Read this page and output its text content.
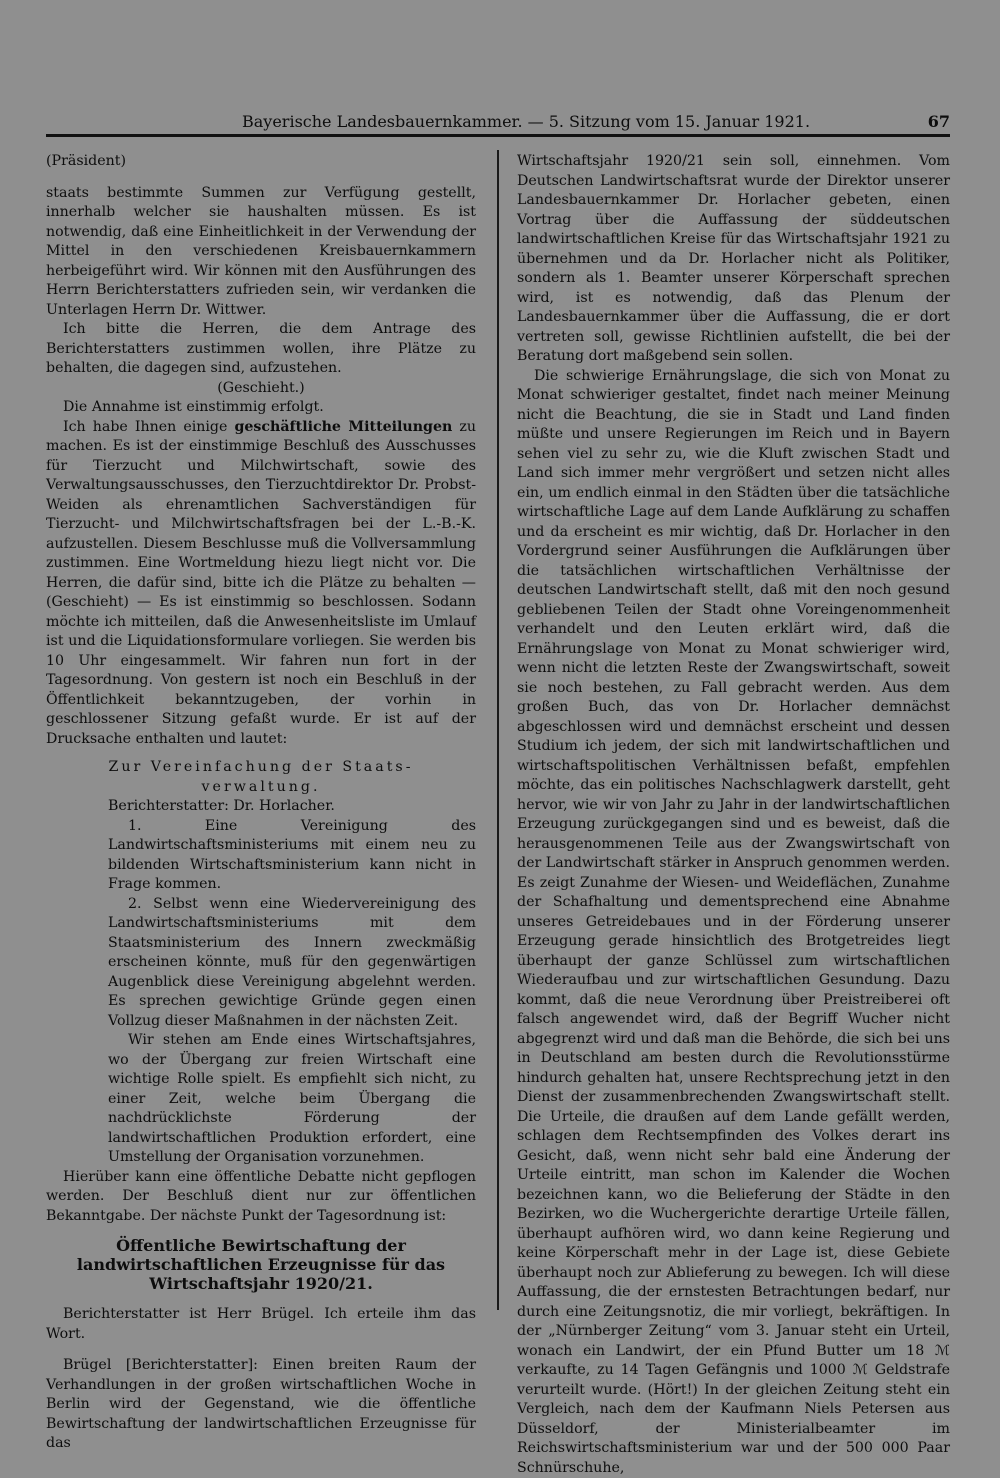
Bayerische Landesbauernkammer. — 5. Sitzung vom 15. Januar 1921.	67

(Präsident)

staats bestimmte Summen zur Verfügung gestellt, innerhalb welcher sie haushalten müssen. Es ist notwendig, daß eine Einheitlichkeit in der Verwendung der Mittel in den verschiedenen Kreisbauernkammern herbeigeführt wird. Wir können mit den Ausführungen des Herrn Berichterstatters zufrieden sein, wir verdanken die Unterlagen Herrn Dr. Wittwer.

Ich bitte die Herren, die dem Antrage des Berichterstatters zustimmen wollen, ihre Plätze zu behalten, die dagegen sind, aufzustehen.

(Geschieht.)

Die Annahme ist einstimmig erfolgt.

Ich habe Ihnen einige geschäftliche Mitteilungen zu machen. Es ist der einstimmige Beschluß des Ausschusses für Tierzucht und Milchwirtschaft, sowie des Verwaltungsausschusses, den Tierzuchtdirektor Dr. Probst-Weiden als ehrenamtlichen Sachverständigen für Tierzucht- und Milchwirtschaftsfragen bei der L.-B.-K. aufzustellen. Diesem Beschlusse muß die Vollversammlung zustimmen. Eine Wortmeldung hiezu liegt nicht vor. Die Herren, die dafür sind, bitte ich die Plätze zu behalten — (Geschieht) — Es ist einstimmig so beschlossen. Sodann möchte ich mitteilen, daß die Anwesenheitsliste im Umlauf ist und die Liquidationsformulare vorliegen. Sie werden bis 10 Uhr eingesammelt. Wir fahren nun fort in der Tagesordnung. Von gestern ist noch ein Beschluß in der Öffentlichkeit bekanntzugeben, der vorhin in geschlossener Sitzung gefaßt wurde. Er ist auf der Drucksache enthalten und lautet:

Zur Vereinfachung der Staats-

verwaltung.

Berichterstatter: Dr. Horlacher.

1. Eine Vereinigung des Landwirtschaftsministeriums mit einem neu zu bildenden Wirtschaftsministerium kann nicht in Frage kommen.

2. Selbst wenn eine Wiedervereinigung des Landwirtschaftsministeriums mit dem Staatsministerium des Innern zweckmäßig erscheinen könnte, muß für den gegenwärtigen Augenblick diese Vereinigung abgelehnt werden. Es sprechen gewichtige Gründe gegen einen Vollzug dieser Maßnahmen in der nächsten Zeit.

Wir stehen am Ende eines Wirtschaftsjahres, wo der Übergang zur freien Wirtschaft eine wichtige Rolle spielt. Es empfiehlt sich nicht, zu einer Zeit, welche beim Übergang die nachdrücklichste Förderung der landwirtschaftlichen Produktion erfordert, eine Umstellung der Organisation vorzunehmen.

Hierüber kann eine öffentliche Debatte nicht gepflogen werden. Der Beschluß dient nur zur öffentlichen Bekanntgabe. Der nächste Punkt der Tagesordnung ist:

Öffentliche Bewirtschaftung der landwirtschaftlichen Erzeugnisse für das Wirtschaftsjahr 1920/21.

Berichterstatter ist Herr Brügel. Ich erteile ihm das Wort.

Brügel [Berichterstatter]: Einen breiten Raum der Verhandlungen in der großen wirtschaftlichen Woche in Berlin wird der Gegenstand, wie die öffentliche Bewirtschaftung der landwirtschaftlichen Erzeugnisse für das

Wirtschaftsjahr 1920/21 sein soll, einnehmen. Vom Deutschen Landwirtschaftsrat wurde der Direktor unserer Landesbauernkammer Dr. Horlacher gebeten, einen Vortrag über die Auffassung der süddeutschen landwirtschaftlichen Kreise für das Wirtschaftsjahr 1921 zu übernehmen und da Dr. Horlacher nicht als Politiker, sondern als 1. Beamter unserer Körperschaft sprechen wird, ist es notwendig, daß das Plenum der Landesbauernkammer über die Auffassung, die er dort vertreten soll, gewisse Richtlinien aufstellt, die bei der Beratung dort maßgebend sein sollen.

Die schwierige Ernährungslage, die sich von Monat zu Monat schwieriger gestaltet, findet nach meiner Meinung nicht die Beachtung, die sie in Stadt und Land finden müßte und unsere Regierungen im Reich und in Bayern sehen viel zu sehr zu, wie die Kluft zwischen Stadt und Land sich immer mehr vergrößert und setzen nicht alles ein, um endlich einmal in den Städten über die tatsächliche wirtschaftliche Lage auf dem Lande Aufklärung zu schaffen und da erscheint es mir wichtig, daß Dr. Horlacher in den Vordergrund seiner Ausführungen die Aufklärungen über die tatsächlichen wirtschaftlichen Verhältnisse der deutschen Landwirtschaft stellt, daß mit den noch gesund gebliebenen Teilen der Stadt ohne Voreingenommenheit verhandelt und den Leuten erklärt wird, daß die Ernährungslage von Monat zu Monat schwieriger wird, wenn nicht die letzten Reste der Zwangswirtschaft, soweit sie noch bestehen, zu Fall gebracht werden. Aus dem großen Buch, das von Dr. Horlacher demnächst abgeschlossen wird und demnächst erscheint und dessen Studium ich jedem, der sich mit landwirtschaftlichen und wirtschaftspolitischen Verhältnissen befaßt, empfehlen möchte, das ein politisches Nachschlagwerk darstellt, geht hervor, wie wir von Jahr zu Jahr in der landwirtschaftlichen Erzeugung zurückgegangen sind und es beweist, daß die herausgenommenen Teile aus der Zwangswirtschaft von der Landwirtschaft stärker in Anspruch genommen werden. Es zeigt Zunahme der Wiesen- und Weideflächen, Zunahme der Schafhaltung und dementsprechend eine Abnahme unseres Getreidebaues und in der Förderung unserer Erzeugung gerade hinsichtlich des Brotgetreides liegt überhaupt der ganze Schlüssel zum wirtschaftlichen Wiederaufbau und zur wirtschaftlichen Gesundung. Dazu kommt, daß die neue Verordnung über Preistreiberei oft falsch angewendet wird, daß der Begriff Wucher nicht abgegrenzt wird und daß man die Behörde, die sich bei uns in Deutschland am besten durch die Revolutionsstürme hindurch gehalten hat, unsere Rechtsprechung jetzt in den Dienst der zusammenbrechenden Zwangswirtschaft stellt. Die Urteile, die draußen auf dem Lande gefällt werden, schlagen dem Rechtsempfinden des Volkes derart ins Gesicht, daß, wenn nicht sehr bald eine Änderung der Urteile eintritt, man schon im Kalender die Wochen bezeichnen kann, wo die Belieferung der Städte in den Bezirken, wo die Wuchergerichte derartige Urteile fällen, überhaupt aufhören wird, wo dann keine Regierung und keine Körperschaft mehr in der Lage ist, diese Gebiete überhaupt noch zur Ablieferung zu bewegen. Ich will diese Auffassung, die der ernstesten Betrachtungen bedarf, nur durch eine Zeitungsnotiz, die mir vorliegt, bekräftigen. In der „Nürnberger Zeitung“ vom 3. Januar steht ein Urteil, wonach ein Landwirt, der ein Pfund Butter um 18 ℳ verkaufte, zu 14 Tagen Gefängnis und 1000 ℳ Geldstrafe verurteilt wurde. (Hört!) In der gleichen Zeitung steht ein Vergleich, nach dem der Kaufmann Niels Petersen aus Düsseldorf, der Ministerialbeamter im Reichswirtschaftsministerium war und der 500 000 Paar Schnürschuhe,
